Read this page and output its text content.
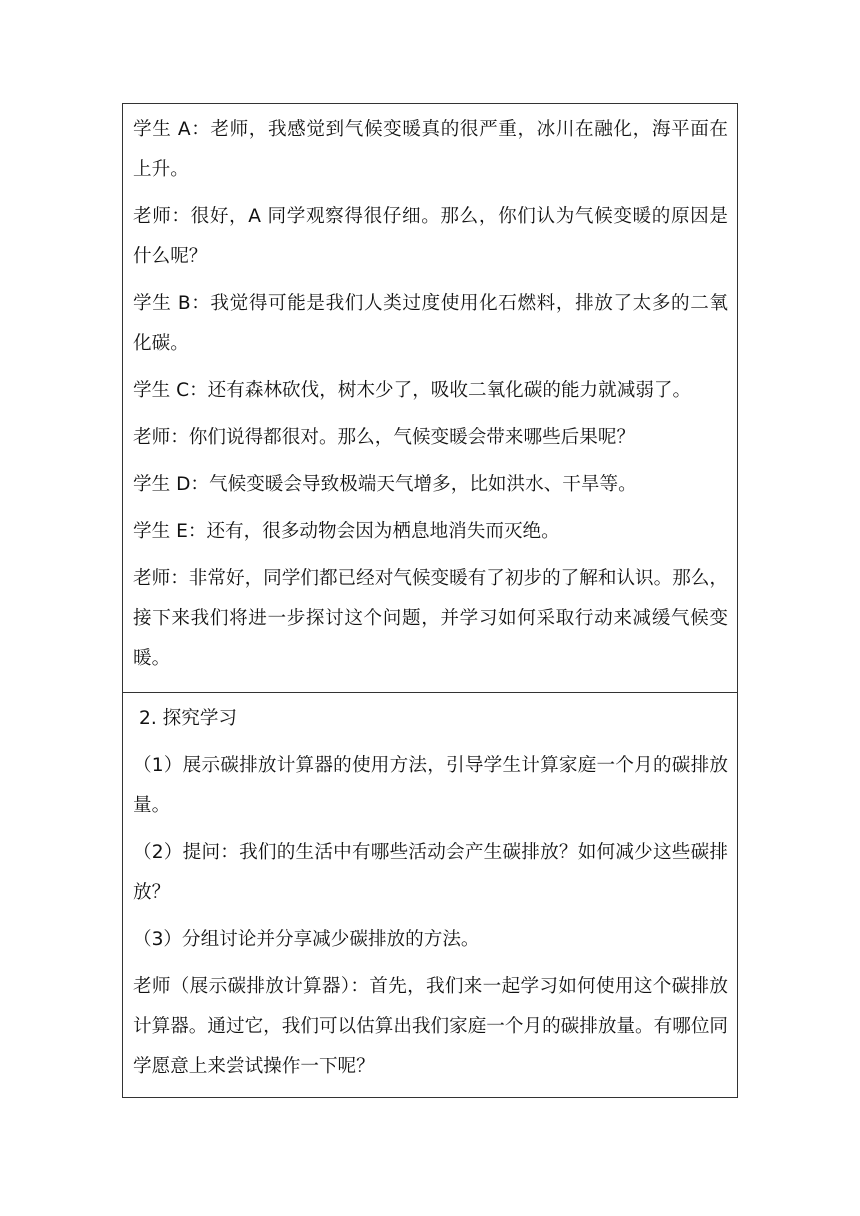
学生 A：老师，我感觉到气候变暖真的很严重，冰川在融化，海平面在上升。

老师：很好，A 同学观察得很仔细。那么，你们认为气候变暖的原因是什么呢？

学生 B：我觉得可能是我们人类过度使用化石燃料，排放了太多的二氧化碳。

学生 C：还有森林砍伐，树木少了，吸收二氧化碳的能力就减弱了。

老师：你们说得都很对。那么，气候变暖会带来哪些后果呢？

学生 D：气候变暖会导致极端天气增多，比如洪水、干旱等。

学生 E：还有，很多动物会因为栖息地消失而灭绝。

老师：非常好，同学们都已经对气候变暖有了初步的了解和认识。那么，接下来我们将进一步探讨这个问题，并学习如何采取行动来减缓气候变暖。

2. 探究学习

（1）展示碳排放计算器的使用方法，引导学生计算家庭一个月的碳排放量。

（2）提问：我们的生活中有哪些活动会产生碳排放？如何减少这些碳排放？

（3）分组讨论并分享减少碳排放的方法。

老师（展示碳排放计算器）：首先，我们来一起学习如何使用这个碳排放计算器。通过它，我们可以估算出我们家庭一个月的碳排放量。有哪位同学愿意上来尝试操作一下呢？
